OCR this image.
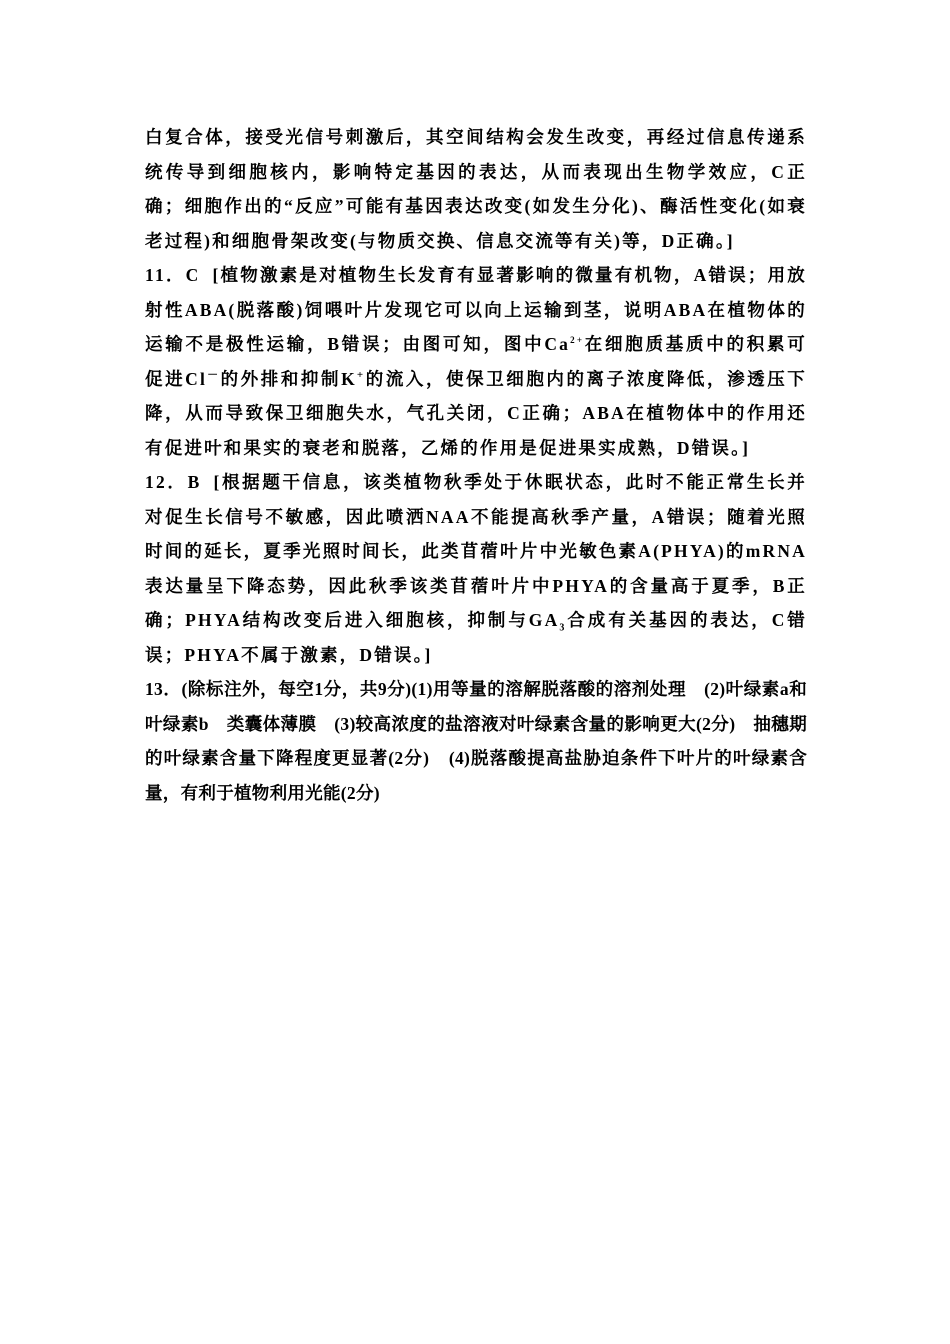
白复合体，接受光信号刺激后，其空间结构会发生改变，再经过信息传递系统传导到细胞核内，影响特定基因的表达，从而表现出生物学效应，C正确；细胞作出的“反应”可能有基因表达改变(如发生分化)、酶活性变化(如衰老过程)和细胞骨架改变(与物质交换、信息交流等有关)等，D正确。]

11．C [植物激素是对植物生长发育有显著影响的微量有机物，A错误；用放射性ABA(脱落酸)饲喂叶片发现它可以向上运输到茎，说明ABA在植物体的运输不是极性运输，B错误；由图可知，图中$Ca^{2+}$在细胞质基质中的积累可促进Cl－的外排和抑制K+的流入，使保卫细胞内的离子浓度降低，渗透压下降，从而导致保卫细胞失水，气孔关闭，C正确；ABA在植物体中的作用还有促进叶和果实的衰老和脱落，乙烯的作用是促进果实成熟，D错误。]

12．B [根据题干信息，该类植物秋季处于休眠状态，此时不能正常生长并对促生长信号不敏感，因此喷洒NAA不能提高秋季产量，A错误；随着光照时间的延长，夏季光照时间长，此类苜蓿叶片中光敏色素A(PHYA)的mRNA表达量呈下降态势，因此秋季该类苜蓿叶片中PHYA的含量高于夏季，B正确；PHYA结构改变后进入细胞核，抑制与$GA_3$合成有关基因的表达，C错误；PHYA不属于激素，D错误。]

13．(除标注外，每空1分，共9分)(1)用等量的溶解脱落酸的溶剂处理　(2)叶绿素a和叶绿素b　类囊体薄膜　(3)较高浓度的盐溶液对叶绿素含量的影响更大(2分)　抽穗期的叶绿素含量下降程度更显著(2分)　(4)脱落酸提高盐胁迫条件下叶片的叶绿素含量，有利于植物利用光能(2分)
